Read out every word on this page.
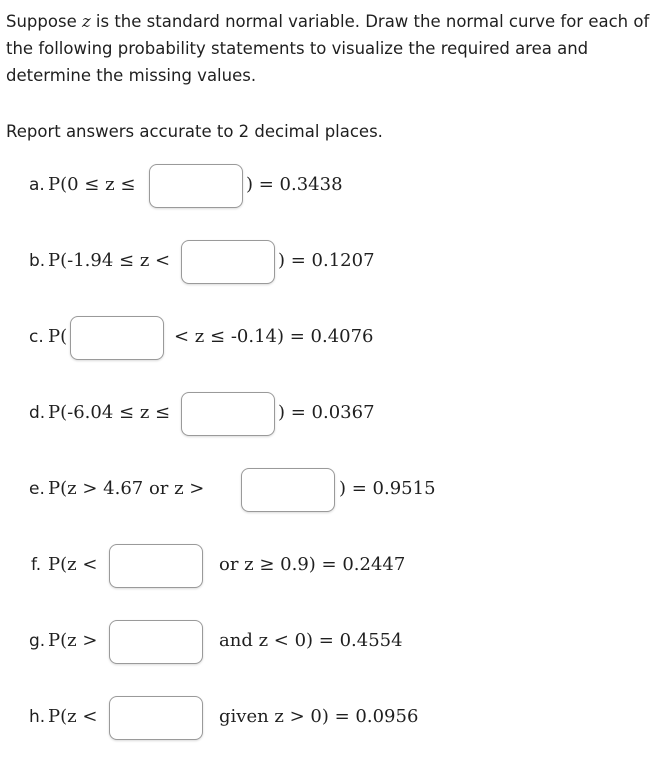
Suppose z is the standard normal variable. Draw the normal curve for each of the following probability statements to visualize the required area and determine the missing values.

Report answers accurate to 2 decimal places.

a. P(0 ≤ z ≤	) = 0.3438
b. P(-1.94 ≤ z <	) = 0.1207
c. P(	< z ≤ -0.14) = 0.4076
d. P(-6.04 ≤ z ≤	) = 0.0367
e. P(z > 4.67 or z >	) = 0.9515
f. P(z <	or z ≥ 0.9) = 0.2447
g. P(z >	and z < 0) = 0.4554
h. P(z <	given z > 0) = 0.0956
